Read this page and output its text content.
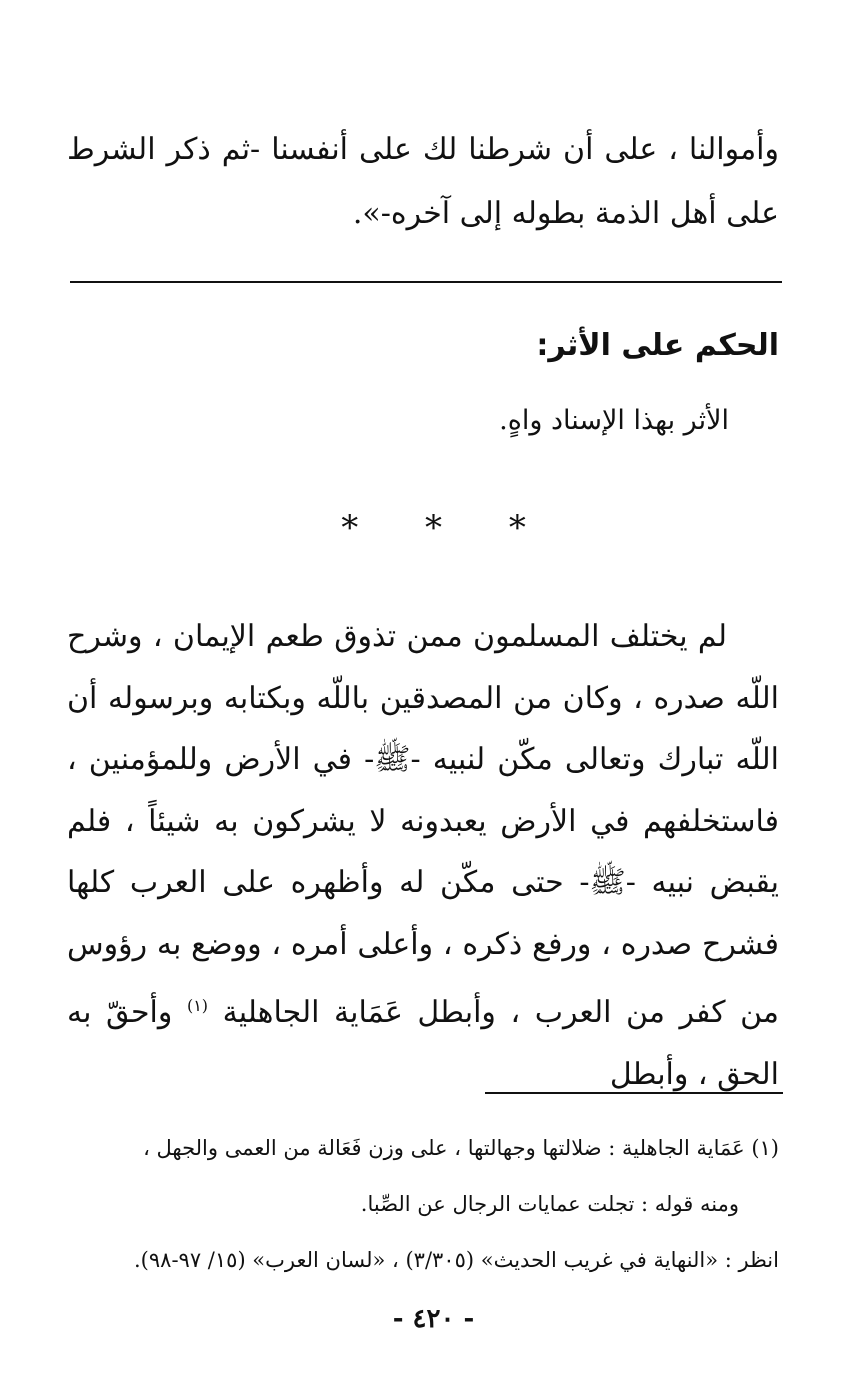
وأموالنا ، على أن شرطنا لك على أنفسنا -ثم ذكر الشرط على أهل الذمة بطوله إلى آخره-».

الحكم على الأثر:
الأثر بهذا الإسناد واهٍ.
* * *

لم يختلف المسلمون ممن تذوق طعم الإيمان ، وشرح اللّه صدره ، وكان من المصدقين باللّه وبكتابه وبرسوله أن اللّه تبارك وتعالى مكّن لنبيه -ﷺ- في الأرض وللمؤمنين ، فاستخلفهم في الأرض يعبدونه لا يشركون به شيئاً ، فلم يقبض نبيه -ﷺ- حتى مكّن له وأظهره على العرب كلها فشرح صدره ، ورفع ذكره ، وأعلى أمره ، ووضع به رؤوس من كفر من العرب ، وأبطل عَمَاية الجاهلية $^{(١)}$ وأحقّ به الحق ، وأبطل

(١) عَمَاية الجاهلية : ضلالتها وجهالتها ، على وزن فَعَالة من العمى والجهل ،
ومنه قوله : تجلت عمايات الرجال عن الصِّبا.
انظر : «النهاية في غريب الحديث» (٣/٣٠٥) ، «لسان العرب» (١٥/ ٩٧-٩٨).
- ٤٢٠ -
